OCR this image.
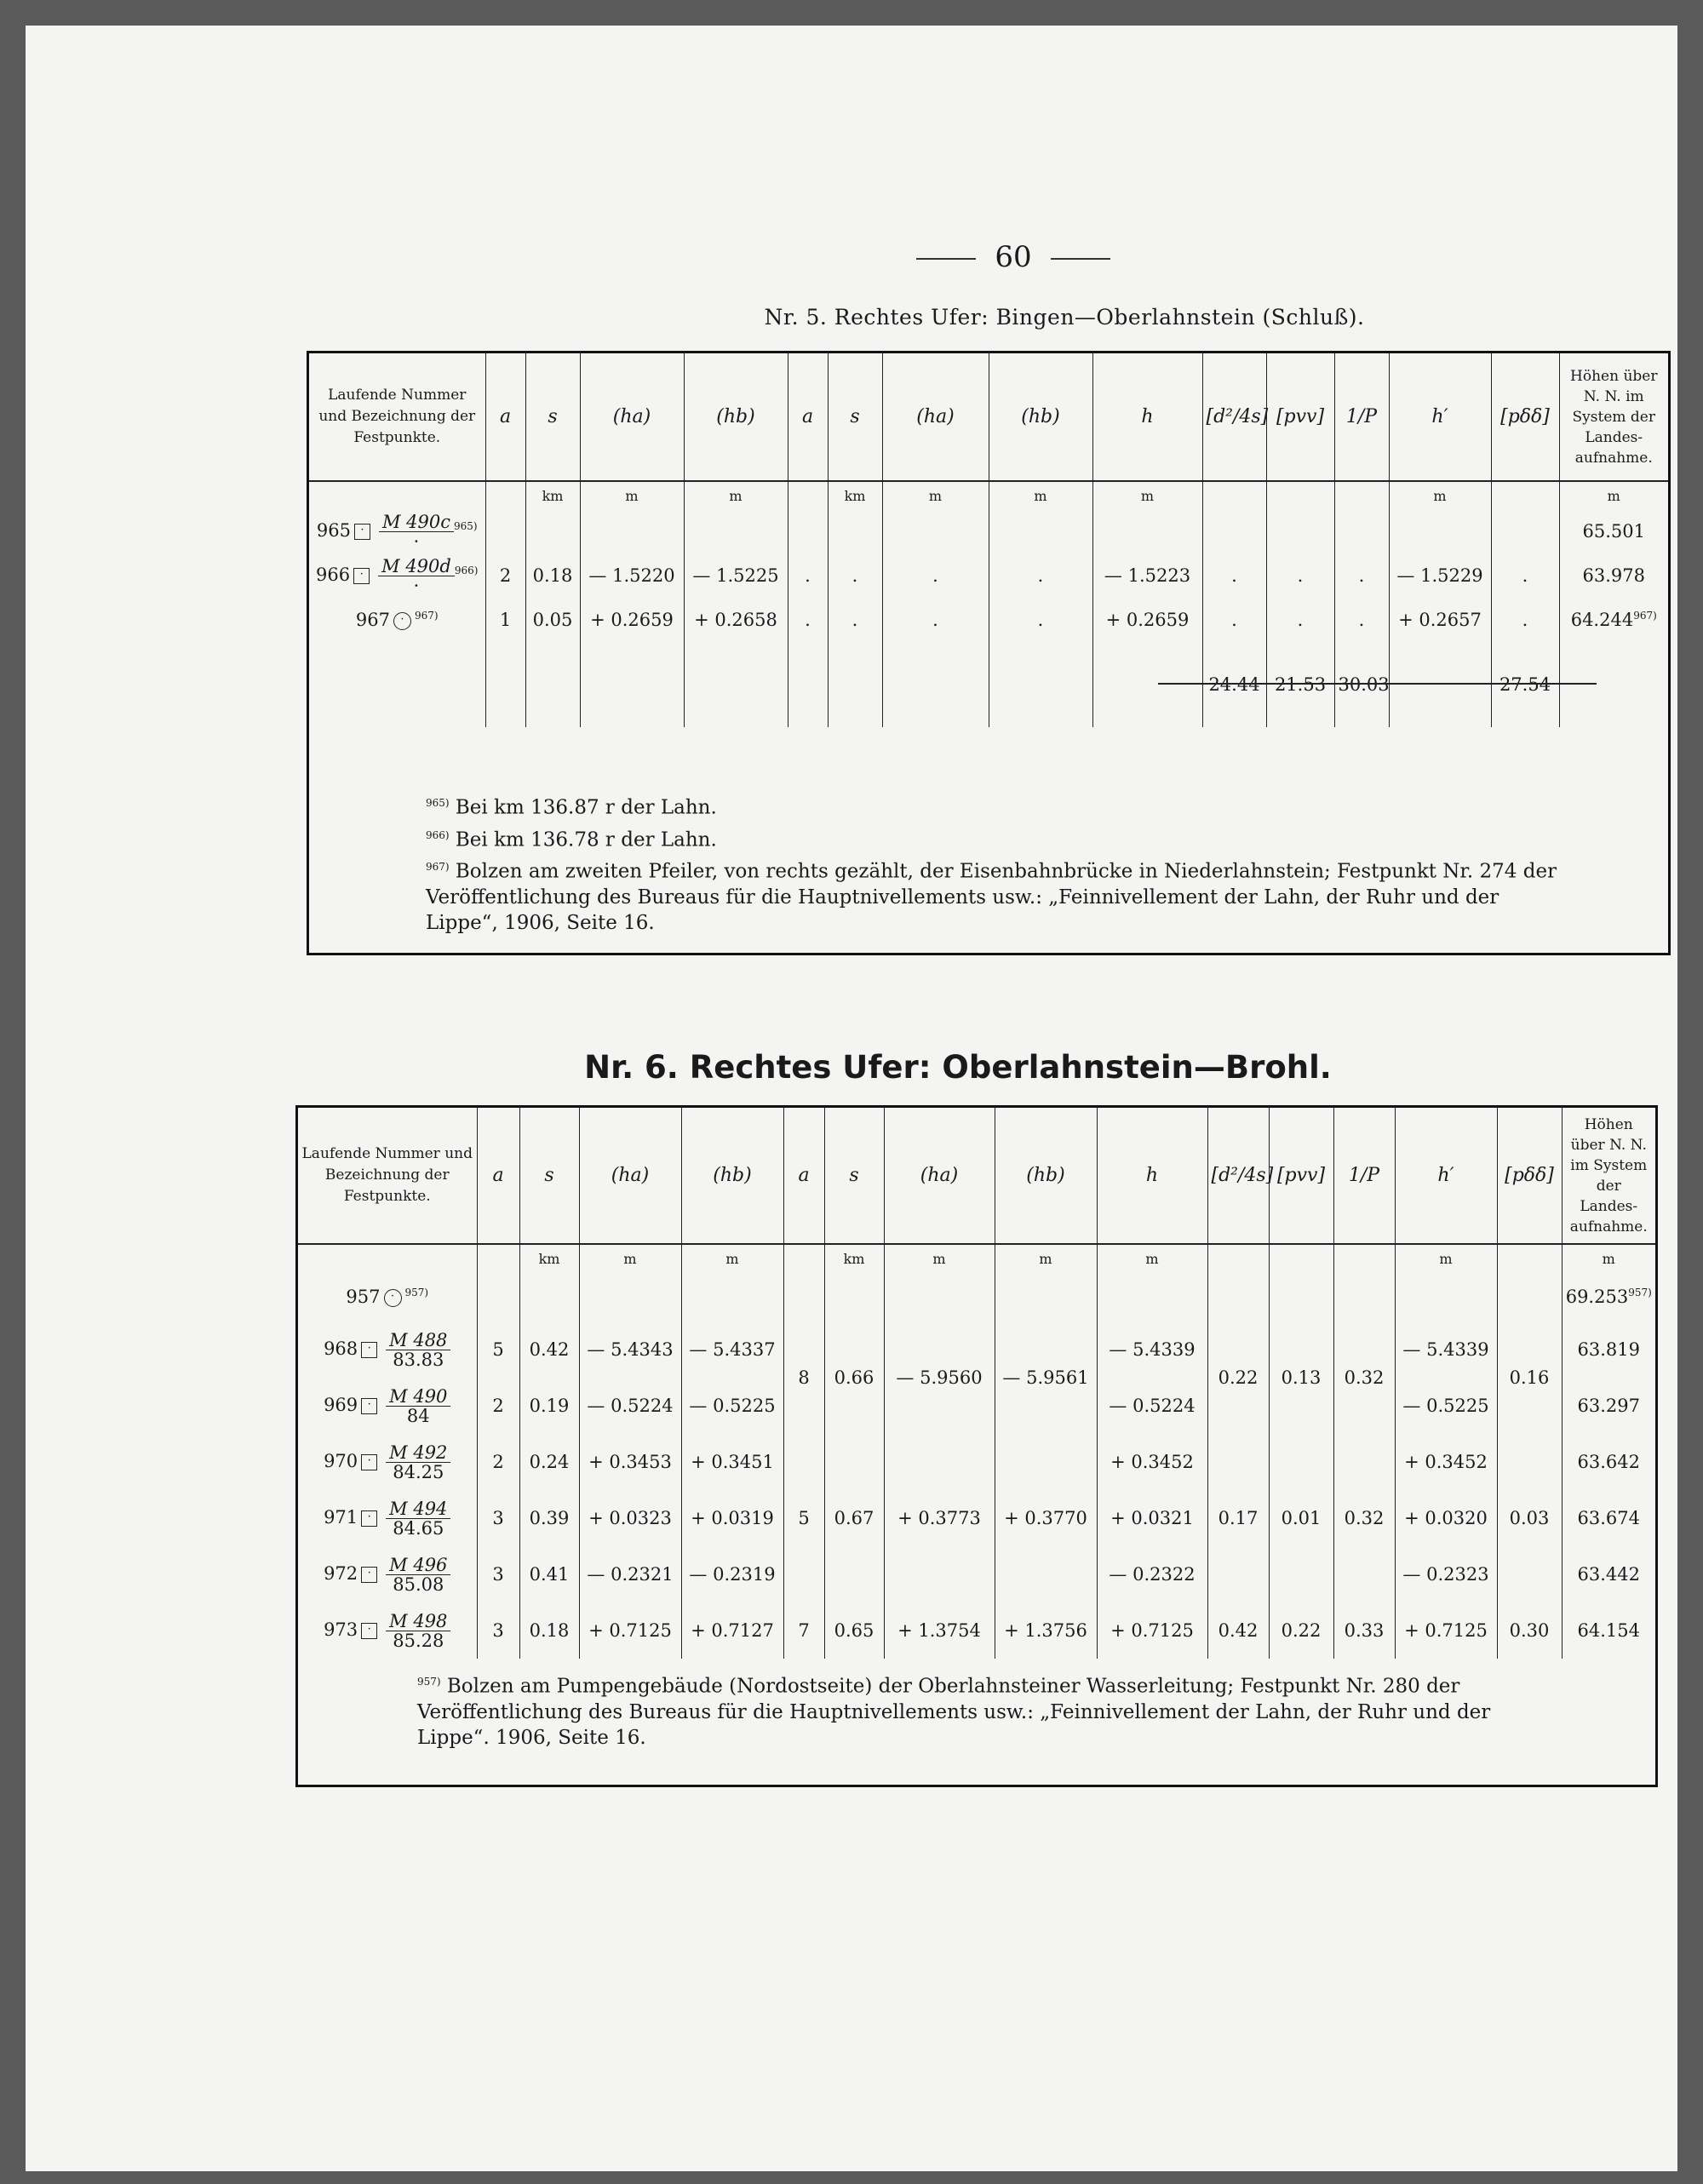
60
Nr. 5. Rechtes Ufer: Bingen—Oberlahnstein (Schluß).
Laufende Nummer und Bezeichnung der Festpunkte.	a	s	(ha)	(hb)	a	s	(ha)	(hb)	h	[d²/4s]	[pvv]	1/P	h′	[pδδ]	Höhen über N. N. im System der Landes-aufnahme.
		km	m	m		km	m	m	m				m		m
$965 \cdot \frac{M 490c}{\cdot} ^{965)}$															65.501
$966 \cdot \frac{M 490d}{\cdot} ^{966)}$	2	0.18	— 1.5220	— 1.5225	.	.	.	.	— 1.5223	.	.	.	— 1.5229	.	63.978
967 · $^{967)}$	1	0.05	+ 0.2659	+ 0.2658	.	.	.	.	+ 0.2659	.	.	.	+ 0.2657	.	64.244$^{967)}$
										24.44	21.53	30.03		27.54	

$^{965)}$ Bei km 136.87 r der Lahn.

$^{966)}$ Bei km 136.78 r der Lahn.

$^{967)}$ Bolzen am zweiten Pfeiler, von rechts gezählt, der Eisenbahnbrücke in Niederlahnstein; Festpunkt Nr. 274 der Veröffentlichung des Bureaus für die Hauptnivellements usw.: „Feinnivellement der Lahn, der Ruhr und der Lippe“, 1906, Seite 16.

Nr. 6. Rechtes Ufer: Oberlahnstein—Brohl.
Laufende Nummer und Bezeichnung der Festpunkte.	a	s	(ha)	(hb)	a	s	(ha)	(hb)	h	[d²/4s]	[pvv]	1/P	h′	[pδδ]	Höhen über N. N. im System der Landes-aufnahme.
		km	m	m		km	m	m	m				m		m
957 · $^{957)}$															69.253$^{957)}$
$968 \cdot \frac{M 488}{83.83}$	5	0.42	— 5.4343	— 5.4337	8	0.66	— 5.9560	— 5.9561	— 5.4339	0.22	0.13	0.32	— 5.4339	0.16	63.819
$969 \cdot \frac{M 490}{84}$	2	0.19	— 0.5224	— 0.5225					— 0.5224				— 0.5225		63.297
$970 \cdot \frac{M 492}{84.25}$	2	0.24	+ 0.3453	+ 0.3451	5	0.67	+ 0.3773	+ 0.3770	+ 0.3452	0.17	0.01	0.32	+ 0.3452	0.03	63.642
$971 \cdot \frac{M 494}{84.65}$	3	0.39	+ 0.0323	+ 0.0319					+ 0.0321				+ 0.0320		63.674
$972 \cdot \frac{M 496}{85.08}$	3	0.41	— 0.2321	— 0.2319					— 0.2322				— 0.2323		63.442
$973 \cdot \frac{M 498}{85.28}$	3	0.18	+ 0.7125	+ 0.7127	7	0.65	+ 1.3754	+ 1.3756	+ 0.7125	0.42	0.22	0.33	+ 0.7125	0.30	64.154

$^{957)}$ Bolzen am Pumpengebäude (Nordostseite) der Oberlahnsteiner Wasserleitung; Festpunkt Nr. 280 der Veröffentlichung des Bureaus für die Hauptnivellements usw.: „Feinnivellement der Lahn, der Ruhr und der Lippe“. 1906, Seite 16.
